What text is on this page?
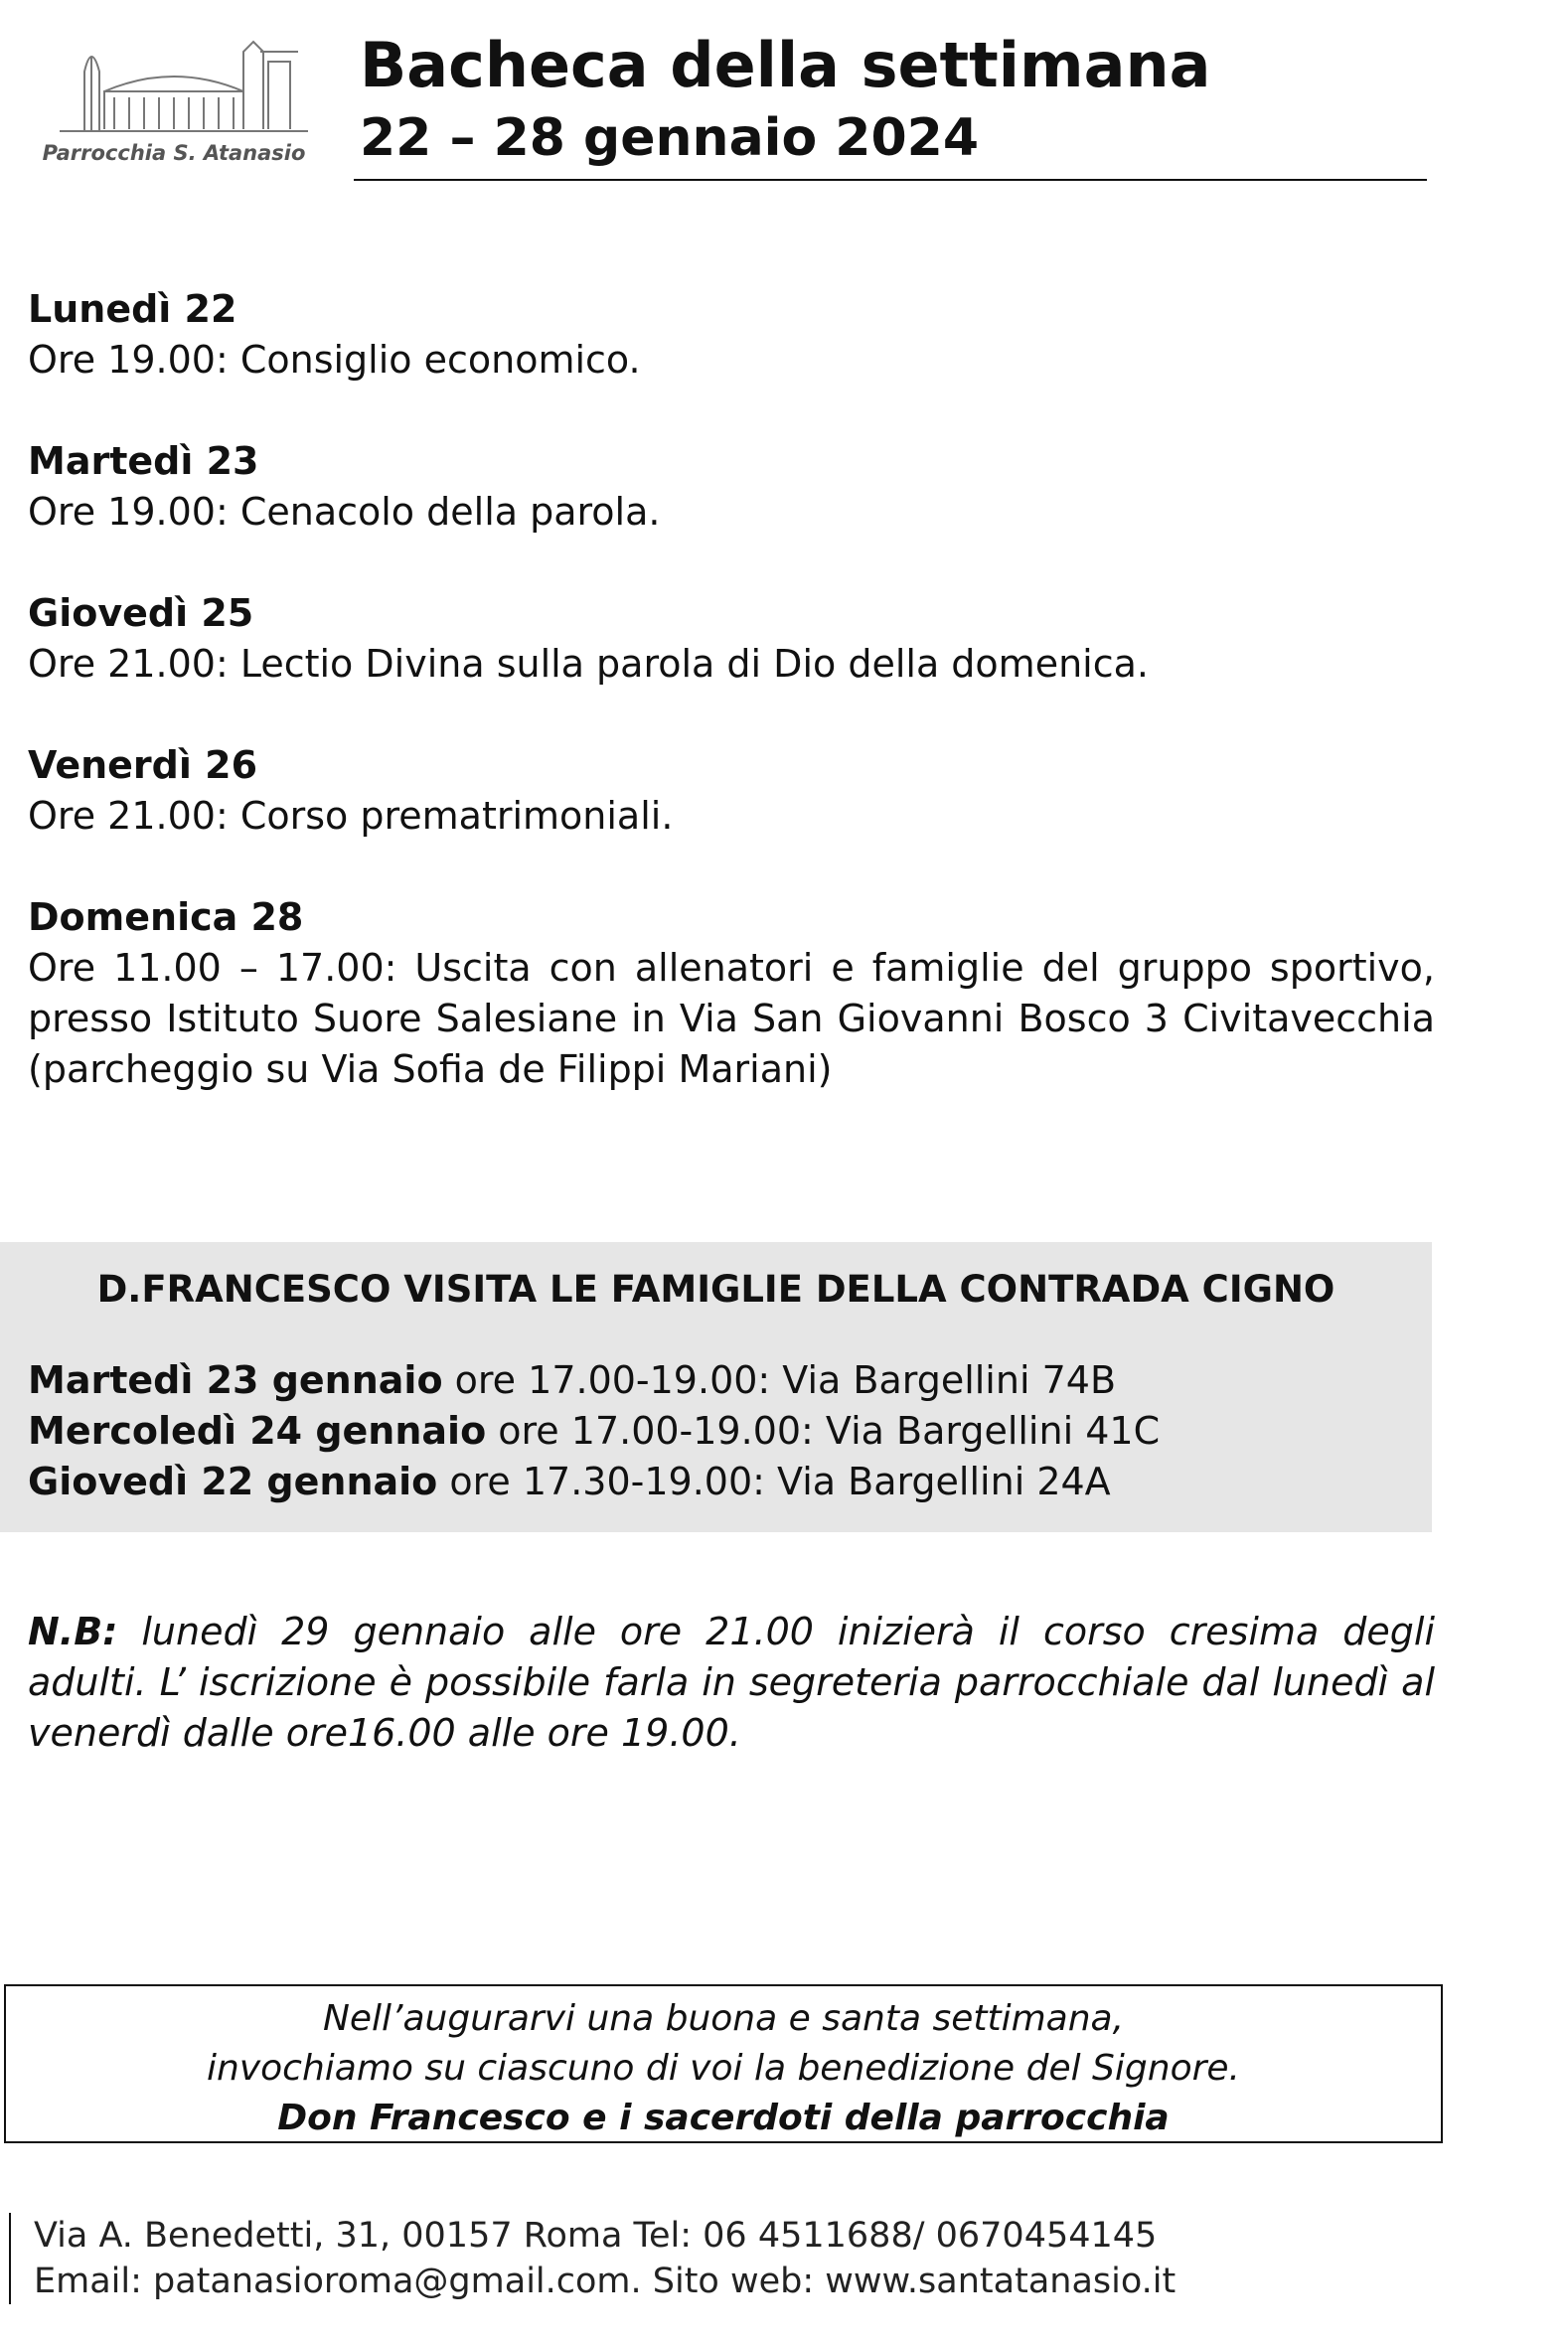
Parrocchia S. Atanasio
Bacheca della settimana
22 – 28 gennaio 2024
Lunedì 22
Ore 19.00: Consiglio economico.
Martedì 23
Ore 19.00: Cenacolo della parola.
Giovedì 25
Ore 21.00: Lectio Divina sulla parola di Dio della domenica.
Venerdì 26
Ore 21.00: Corso prematrimoniali.
Domenica 28
Ore 11.00 – 17.00: Uscita con allenatori e famiglie del gruppo sportivo, presso Istituto Suore Salesiane in Via San Giovanni Bosco 3 Civitavecchia (parcheggio su Via Sofia de Filippi Mariani)
D.FRANCESCO VISITA LE FAMIGLIE DELLA CONTRADA CIGNO
Martedì 23 gennaio ore 17.00-19.00: Via Bargellini 74B
Mercoledì 24 gennaio ore 17.00-19.00: Via Bargellini 41C
Giovedì 22 gennaio ore 17.30-19.00: Via Bargellini 24A
N.B: lunedì 29 gennaio alle ore 21.00 inizierà il corso cresima degli adulti. L’ iscrizione è possibile farla in segreteria parrocchiale dal lunedì al venerdì dalle ore16.00 alle ore 19.00.
Nell’augurarvi una buona e santa settimana,
invochiamo su ciascuno di voi la benedizione del Signore.
Don Francesco e i sacerdoti della parrocchia
Via A. Benedetti, 31, 00157 Roma Tel: 06 4511688/ 0670454145
Email: patanasioroma@gmail.com. Sito web: www.santatanasio.it
